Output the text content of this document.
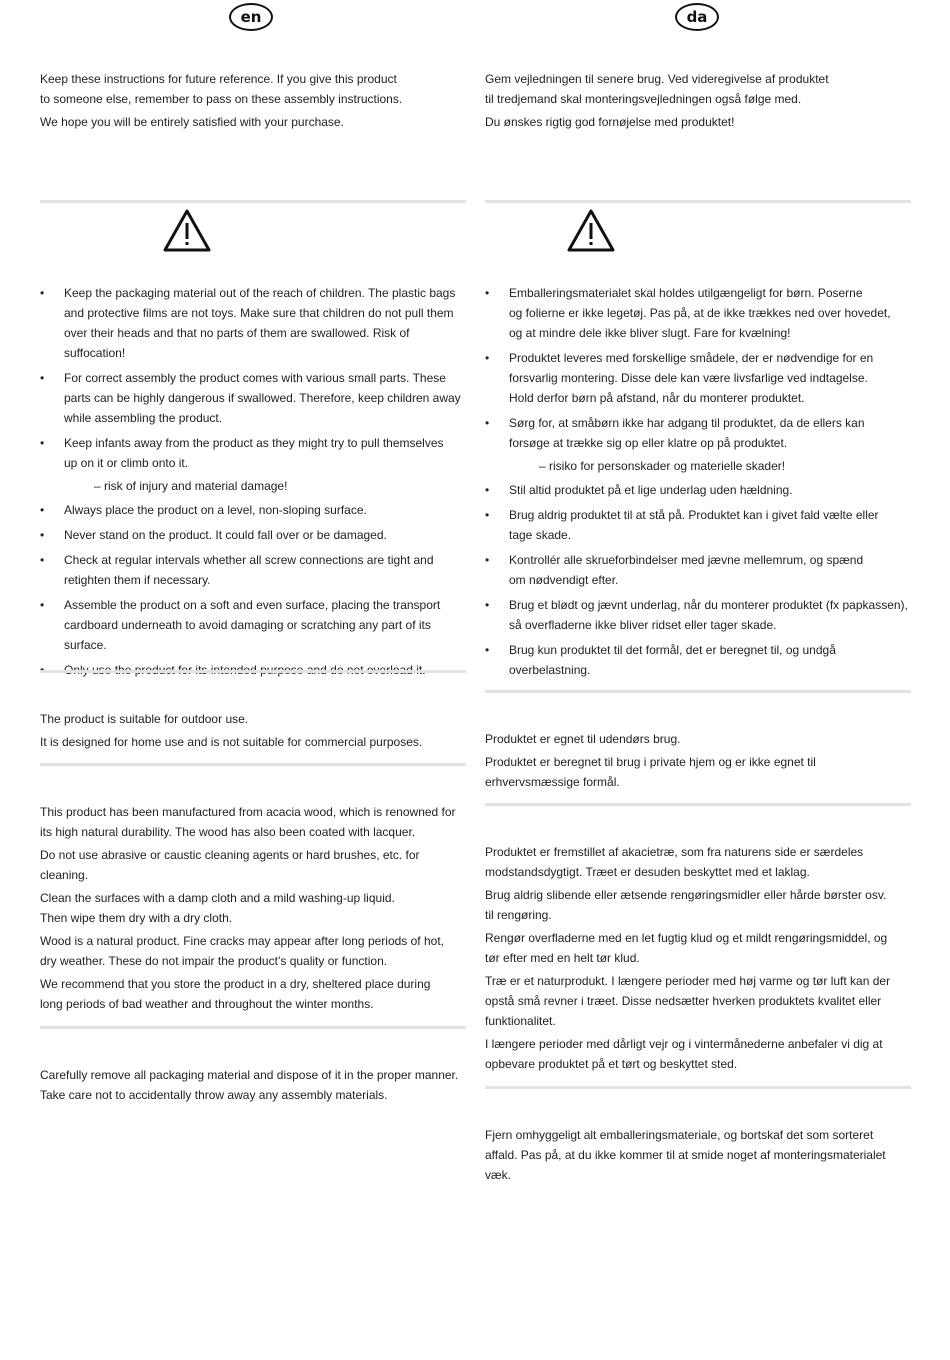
en

Keep these instructions for future reference. If you give this product
to someone else, remember to pass on these assembly instructions.

We hope you will be entirely satisfied with your purchase.

• Keep the packaging material out of the reach of children. The plastic bags
and protective films are not toys. Make sure that children do not pull them
over their heads and that no parts of them are swallowed. Risk of suffocation!
• For correct assembly the product comes with various small parts. These
parts can be highly dangerous if swallowed. Therefore, keep children away
while assembling the product.
• Keep infants away from the product as they might try to pull themselves
up on it or climb onto it.
– risk of injury and material damage!
• Always place the product on a level, non-sloping surface.
• Never stand on the product. It could fall over or be damaged.
• Check at regular intervals whether all screw connections are tight and
retighten them if necessary.
• Assemble the product on a soft and even surface, placing the transport
cardboard underneath to avoid damaging or scratching any part of its
surface.
• Only use the product for its intended purpose and do not overload it.

The product is suitable for outdoor use.

It is designed for home use and is not suitable for commercial purposes.

This product has been manufactured from acacia wood, which is renowned for
its high natural durability. The wood has also been coated with lacquer.

Do not use abrasive or caustic cleaning agents or hard brushes, etc. for
cleaning.

Clean the surfaces with a damp cloth and a mild washing-up liquid.
Then wipe them dry with a dry cloth.

Wood is a natural product. Fine cracks may appear after long periods of hot,
dry weather. These do not impair the product’s quality or function.

We recommend that you store the product in a dry, sheltered place during
long periods of bad weather and throughout the winter months.

Carefully remove all packaging material and dispose of it in the proper manner.
Take care not to accidentally throw away any assembly materials.

da

Gem vejledningen til senere brug. Ved videregivelse af produktet
til tredjemand skal monteringsvejledningen også følge med.

Du ønskes rigtig god fornøjelse med produktet!

• Emballeringsmaterialet skal holdes utilgængeligt for børn. Poserne
og folierne er ikke legetøj. Pas på, at de ikke trækkes ned over hovedet,
og at mindre dele ikke bliver slugt. Fare for kvælning!
• Produktet leveres med forskellige smådele, der er nødvendige for en
forsvarlig montering. Disse dele kan være livsfarlige ved indtagelse.
Hold derfor børn på afstand, når du monterer produktet.
• Sørg for, at småbørn ikke har adgang til produktet, da de ellers kan
forsøge at trække sig op eller klatre op på produktet.
– risiko for personskader og materielle skader!
• Stil altid produktet på et lige underlag uden hældning.
• Brug aldrig produktet til at stå på. Produktet kan i givet fald vælte eller
tage skade.
• Kontrollér alle skrueforbindelser med jævne mellemrum, og spænd
om nødvendigt efter.
• Brug et blødt og jævnt underlag, når du monterer produktet (fx papkassen),
så overfladerne ikke bliver ridset eller tager skade.
• Brug kun produktet til det formål, det er beregnet til, og undgå
overbelastning.

Produktet er egnet til udendørs brug.

Produktet er beregnet til brug i private hjem og er ikke egnet til
erhvervsmæssige formål.

Produktet er fremstillet af akacietræ, som fra naturens side er særdeles
modstandsdygtigt. Træet er desuden beskyttet med et laklag.

Brug aldrig slibende eller ætsende rengøringsmidler eller hårde børster osv.
til rengøring.

Rengør overfladerne med en let fugtig klud og et mildt rengøringsmiddel, og
tør efter med en helt tør klud.

Træ er et naturprodukt. I længere perioder med høj varme og tør luft kan der
opstå små revner i træet. Disse nedsætter hverken produktets kvalitet eller
funktionalitet.

I længere perioder med dårligt vejr og i vintermånederne anbefaler vi dig at
opbevare produktet på et tørt og beskyttet sted.

Fjern omhyggeligt alt emballeringsmateriale, og bortskaf det som sorteret
affald. Pas på, at du ikke kommer til at smide noget af monteringsmaterialet væk.
